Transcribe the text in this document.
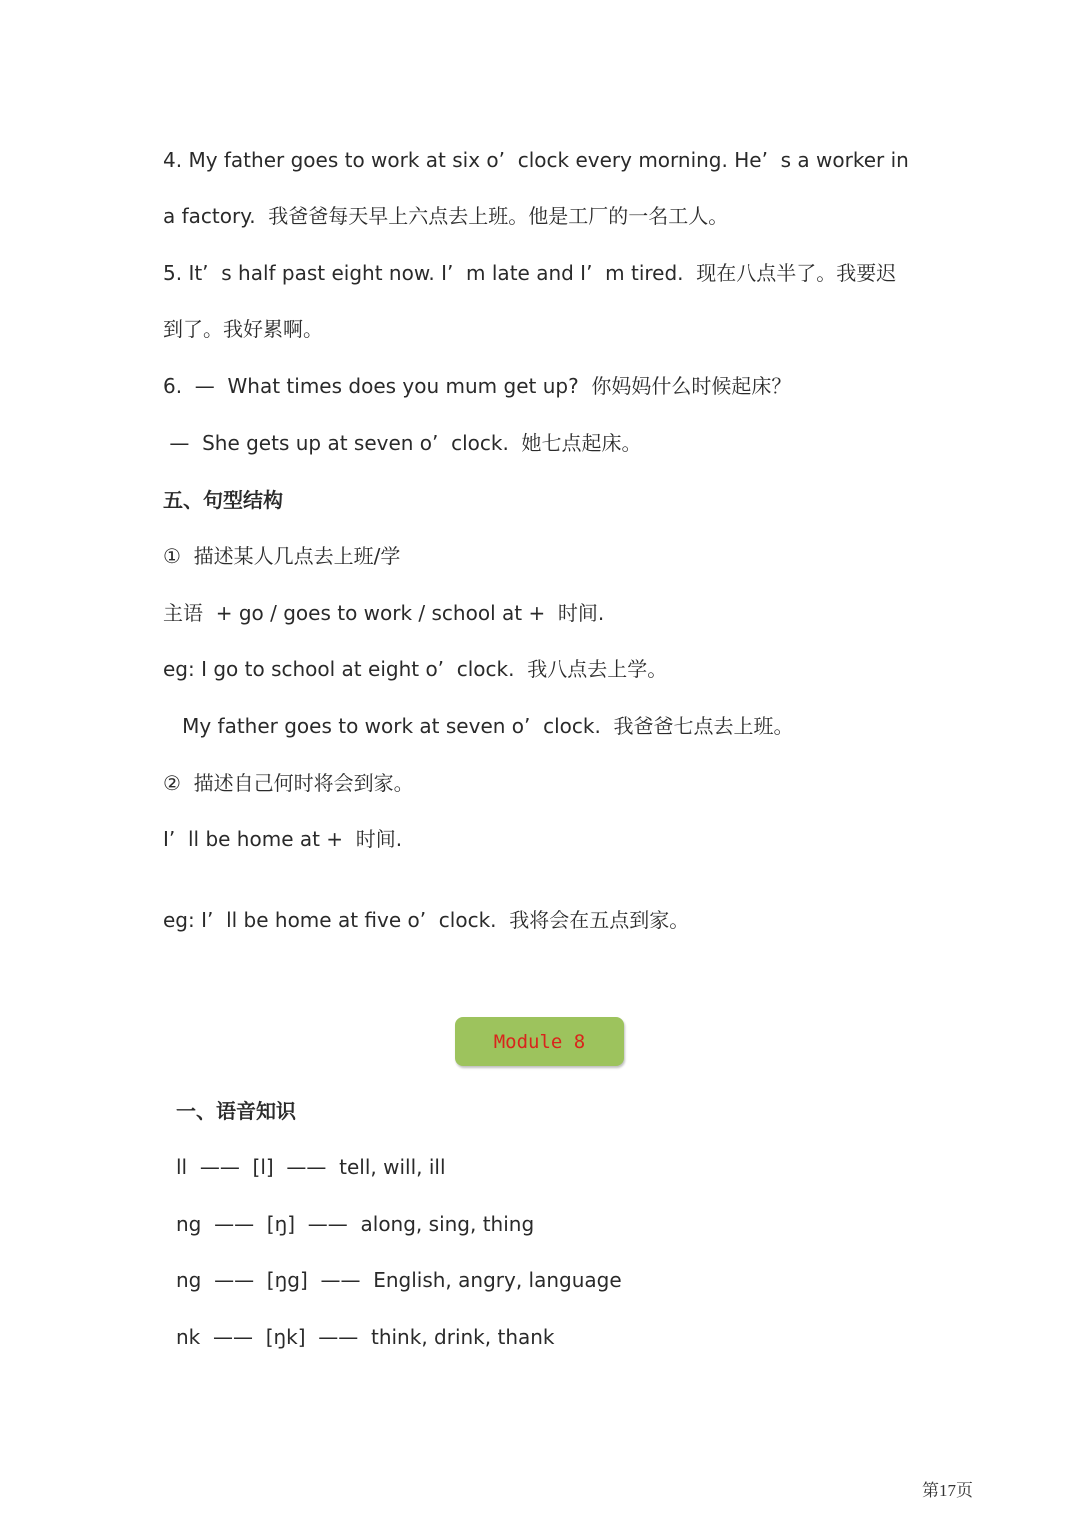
4. My father goes to work at six o’  clock every morning. He’  s a worker in
a factory.  我爸爸每天早上六点去上班。他是工厂的一名工人。
5. It’  s half past eight now. I’  m late and I’  m tired.  现在八点半了。我要迟
到了。我好累啊。
6.  —  What times does you mum get up?  你妈妈什么时候起床？
—  She gets up at seven o’  clock.  她七点起床。
五、句型结构
①  描述某人几点去上班/学
主语  + go / goes to work / school at +  时间.
eg: I go to school at eight o’  clock.  我八点去上学。
My father goes to work at seven o’  clock.  我爸爸七点去上班。
②  描述自己何时将会到家。
I’  ll be home at +  时间.
eg: I’  ll be home at five o’  clock.  我将会在五点到家。
Module 8
一、语音知识
ll  ——  [l]  ——  tell, will, ill
ng  ——  [ŋ]  ——  along, sing, thing
ng  ——  [ŋg]  ——  English, angry, language
nk  ——  [ŋk]  ——  think, drink, thank
第17页
